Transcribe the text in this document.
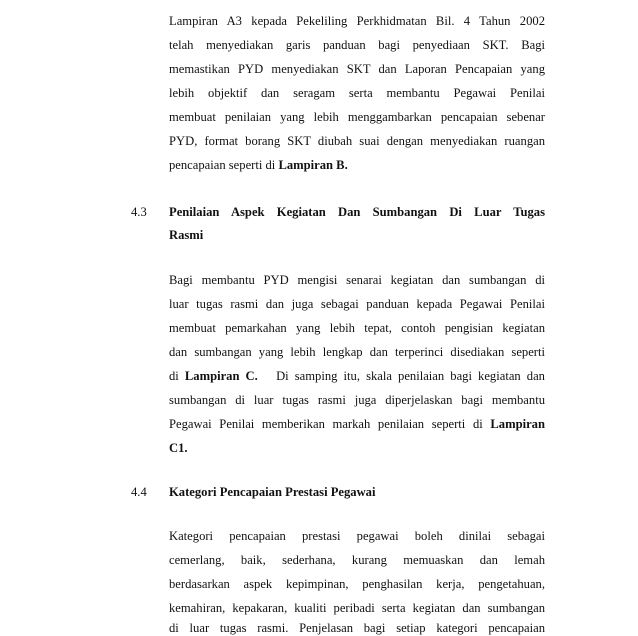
Lampiran A3 kepada Pekeliling Perkhidmatan Bil. 4 Tahun 2002
telah menyediakan garis panduan bagi penyediaan SKT. Bagi
memastikan PYD menyediakan SKT dan Laporan Pencapaian yang
lebih objektif dan seragam serta membantu Pegawai Penilai
membuat penilaian yang lebih menggambarkan pencapaian sebenar
PYD, format borang SKT diubah suai dengan menyediakan ruangan
pencapaian seperti di Lampiran B.
4.3 Penilaian Aspek Kegiatan Dan Sumbangan Di Luar Tugas
Rasmi
Bagi membantu PYD mengisi senarai kegiatan dan sumbangan di
luar tugas rasmi dan juga sebagai panduan kepada Pegawai Penilai
membuat pemarkahan yang lebih tepat, contoh pengisian kegiatan
dan sumbangan yang lebih lengkap dan terperinci disediakan seperti
di Lampiran C.   Di samping itu, skala penilaian bagi kegiatan dan
sumbangan di luar tugas rasmi juga diperjelaskan bagi membantu
Pegawai Penilai memberikan markah penilaian seperti di Lampiran
C1.
4.4 Kategori Pencapaian Prestasi Pegawai
Kategori pencapaian prestasi pegawai boleh dinilai sebagai
cemerlang, baik, sederhana, kurang memuaskan dan lemah
berdasarkan aspek kepimpinan, penghasilan kerja, pengetahuan,
kemahiran, kepakaran, kualiti peribadi serta kegiatan dan sumbangan
di luar tugas rasmi. Penjelasan bagi setiap kategori pencapaian
